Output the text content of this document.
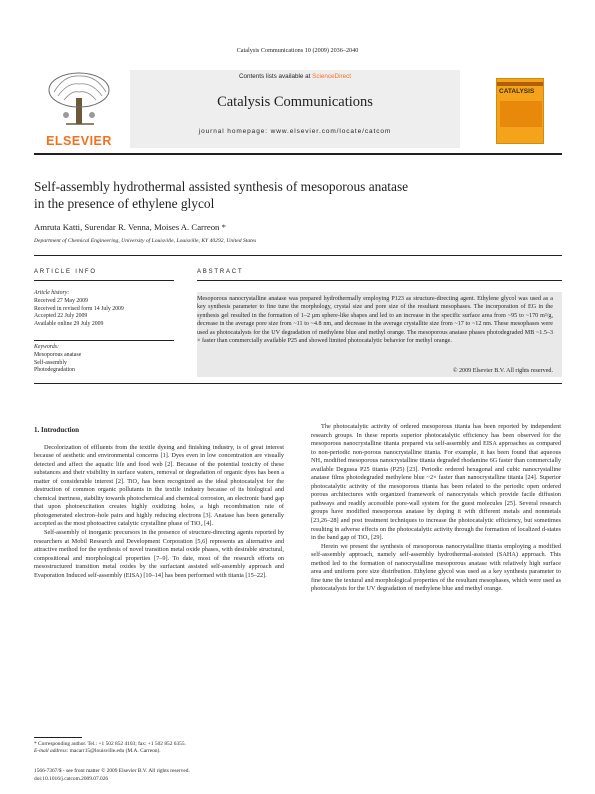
Catalysis Communications 10 (2009) 2036–2040
ELSEVIER
Contents lists available at ScienceDirect
Catalysis Communications
journal homepage: www.elsevier.com/locate/catcom
CATALYSIS
Self-assembly hydrothermal assisted synthesis of mesoporous anatase
in the presence of ethylene glycol
Amruta Katti, Surendar R. Venna, Moises A. Carreon *
Department of Chemical Engineering, University of Louisville, Louisville, KY 40292, United States
ARTICLE INFO	ABSTRACT
Article history:
Received 27 May 2009
Received in revised form 14 July 2009
Accepted 22 July 2009
Available online 29 July 2009
Keywords:
Mesoporous anatase
Self-assembly
Photodegradation
Mesoporous nanocrystalline anatase was prepared hydrothermally employing P123 as structure-directing agent. Ethylene glycol was used as a key synthesis parameter to fine tune the morphology, crystal size and pore size of the resultant mesophases. The incorporation of EG in the synthesis gel resulted in the formation of 1–2 μm sphere-like shapes and led to an increase in the specific surface area from ~95 to ~170 m²/g, decrease in the average pore size from ~11 to ~4.8 nm, and decrease in the average crystallite size from ~17 to ~12 nm. These mesophases were used as photocatalysts for the UV degradation of methylene blue and methyl orange. The mesoporous anatase phases photodegraded MB ~1.5–3 × faster than commercially available P25 and showed limited photocatalytic behavior for methyl orange.
© 2009 Elsevier B.V. All rights reserved.
1. Introduction

Decolorization of effluents from the textile dyeing and finishing industry, is of great interest because of aesthetic and environmental concerns [1]. Dyes even in low concentration are visually detected and affect the aquatic life and food web [2]. Because of the potential toxicity of these substances and their visibility in surface waters, removal or degradation of organic dyes has been a matter of considerable interest [2]. TiO₂ has been recognized as the ideal photocatalyst for the destruction of common organic pollutants in the textile industry because of its biological and chemical inertness, stability towards photochemical and chemical corrosion, an electronic band gap that upon photoexcitation creates highly oxidizing holes, a high recombination rate of photogenerated electron–hole pairs and highly reducing electrons [3]. Anatase has been generally accepted as the most photoactive catalytic crystalline phase of TiO₂ [4].

Self-assembly of inorganic precursors in the presence of structure-directing agents reported by researchers at Mobil Research and Development Corporation [5,6] represents an alternative and attractive method for the synthesis of novel transition metal oxide phases, with desirable structural, compositional and morphological properties [7–9]. To date, most of the research efforts on mesostructured transition metal oxides by the surfactant assisted self-assembly approach and Evaporation Induced self-assembly (EISA) [10–14] has been performed with titania [15–22].

The photocatalytic activity of ordered mesoporous titania has been reported by independent research groups. In these reports superior photocatalytic efficiency has been observed for the mesoporous nanocrystalline titania prepared via self-assembly and EISA approaches as compared to non-periodic non-porous nanocrystalline titania. For example, it has been found that aqueous NH₃ modified mesoporous nanocrystalline titania degraded rhodamine 6G faster than commercially available Degussa P25 titania (P25) [23]. Periodic ordered hexagonal and cubic nanocrystalline anatase films photodegraded methylene blue ~2× faster than nanocrystalline titania [24]. Superior photocatalytic activity of the mesoporous titania has been related to the periodic open ordered porous architectures with organized framework of nanocrystals which provide facile diffusion pathways and readily accessible pore-wall system for the guest molecules [25]. Several research groups have modified mesoporous anatase by doping it with different metals and nonmetals [23,26–28] and post treatment techniques to increase the photocatalytic efficiency, but sometimes resulting in adverse effects on the photocatalytic activity through the formation of localized d-states in the band gap of TiO₂ [29].

Herein we present the synthesis of mesoporous nanocrystalline titania employing a modified self-assembly approach, namely self-assembly hydrothermal-assisted (SAHA) approach. This method led to the formation of nanocrystalline mesoporous anatase with relatively high surface area and uniform pore size distribution. Ethylene glycol was used as a key synthesis parameter to fine tune the textural and morphological properties of the resultant mesophases, which were used as photocatalysts for the UV degradation of methylene blue and methyl orange.

* Corresponding author. Tel.: +1 502 852 4103; fax: +1 502 852 6355.
E-mail address: macarr15@louisville.edu (M.A. Carreon).
1566-7367/$ - see front matter © 2009 Elsevier B.V. All rights reserved.
doi:10.1016/j.catcom.2009.07.026
